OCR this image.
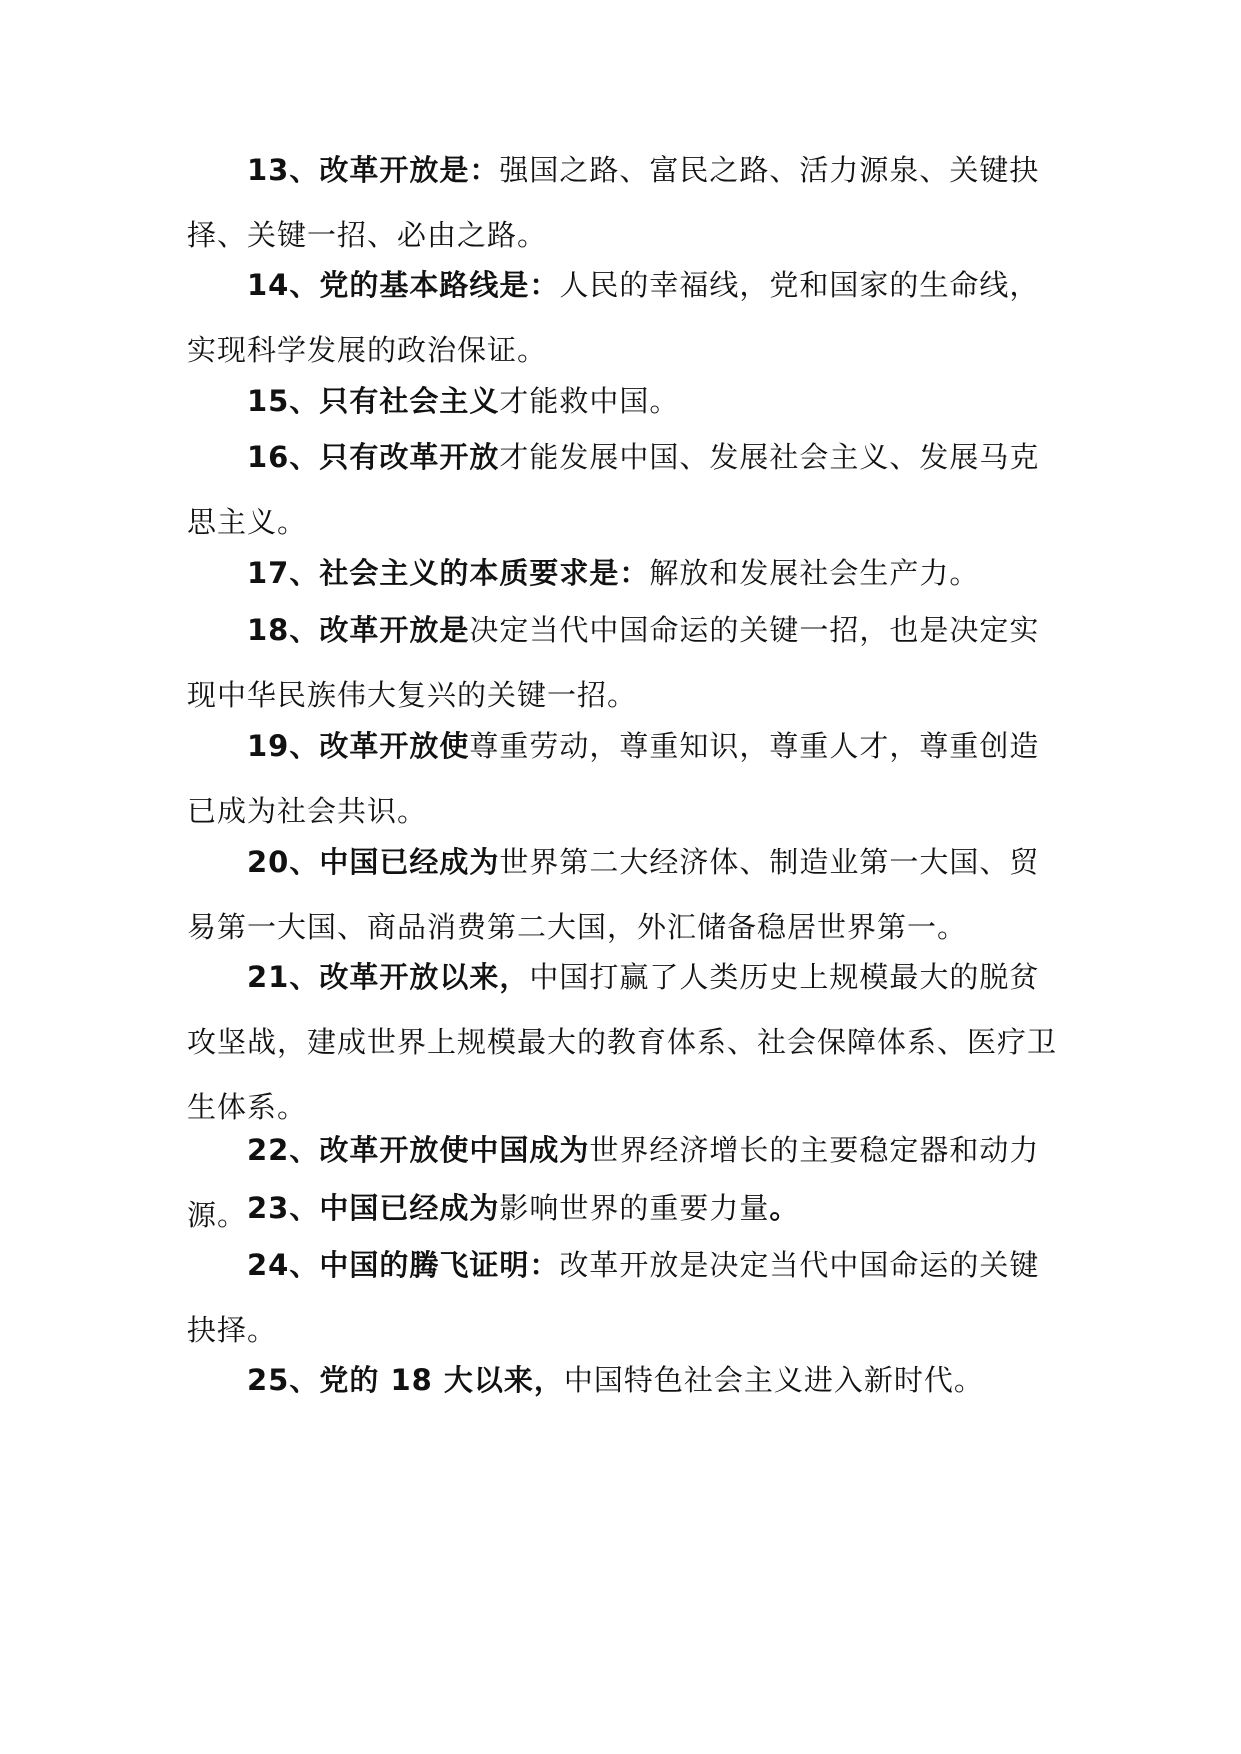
13、改革开放是：强国之路、富民之路、活力源泉、关键抉择、关键一招、必由之路。

14、党的基本路线是：人民的幸福线，党和国家的生命线，实现科学发展的政治保证。

15、只有社会主义才能救中国。

16、只有改革开放才能发展中国、发展社会主义、发展马克思主义。

17、社会主义的本质要求是：解放和发展社会生产力。

18、改革开放是决定当代中国命运的关键一招，也是决定实现中华民族伟大复兴的关键一招。

19、改革开放使尊重劳动，尊重知识，尊重人才，尊重创造已成为社会共识。

20、中国已经成为世界第二大经济体、制造业第一大国、贸易第一大国、商品消费第二大国，外汇储备稳居世界第一。

21、改革开放以来，中国打赢了人类历史上规模最大的脱贫攻坚战，建成世界上规模最大的教育体系、社会保障体系、医疗卫生体系。

22、改革开放使中国成为世界经济增长的主要稳定器和动力源。 23、中国已经成为影响世界的重要力量。

24、中国的腾飞证明：改革开放是决定当代中国命运的关键抉择。

25、党的 18 大以来，中国特色社会主义进入新时代。
